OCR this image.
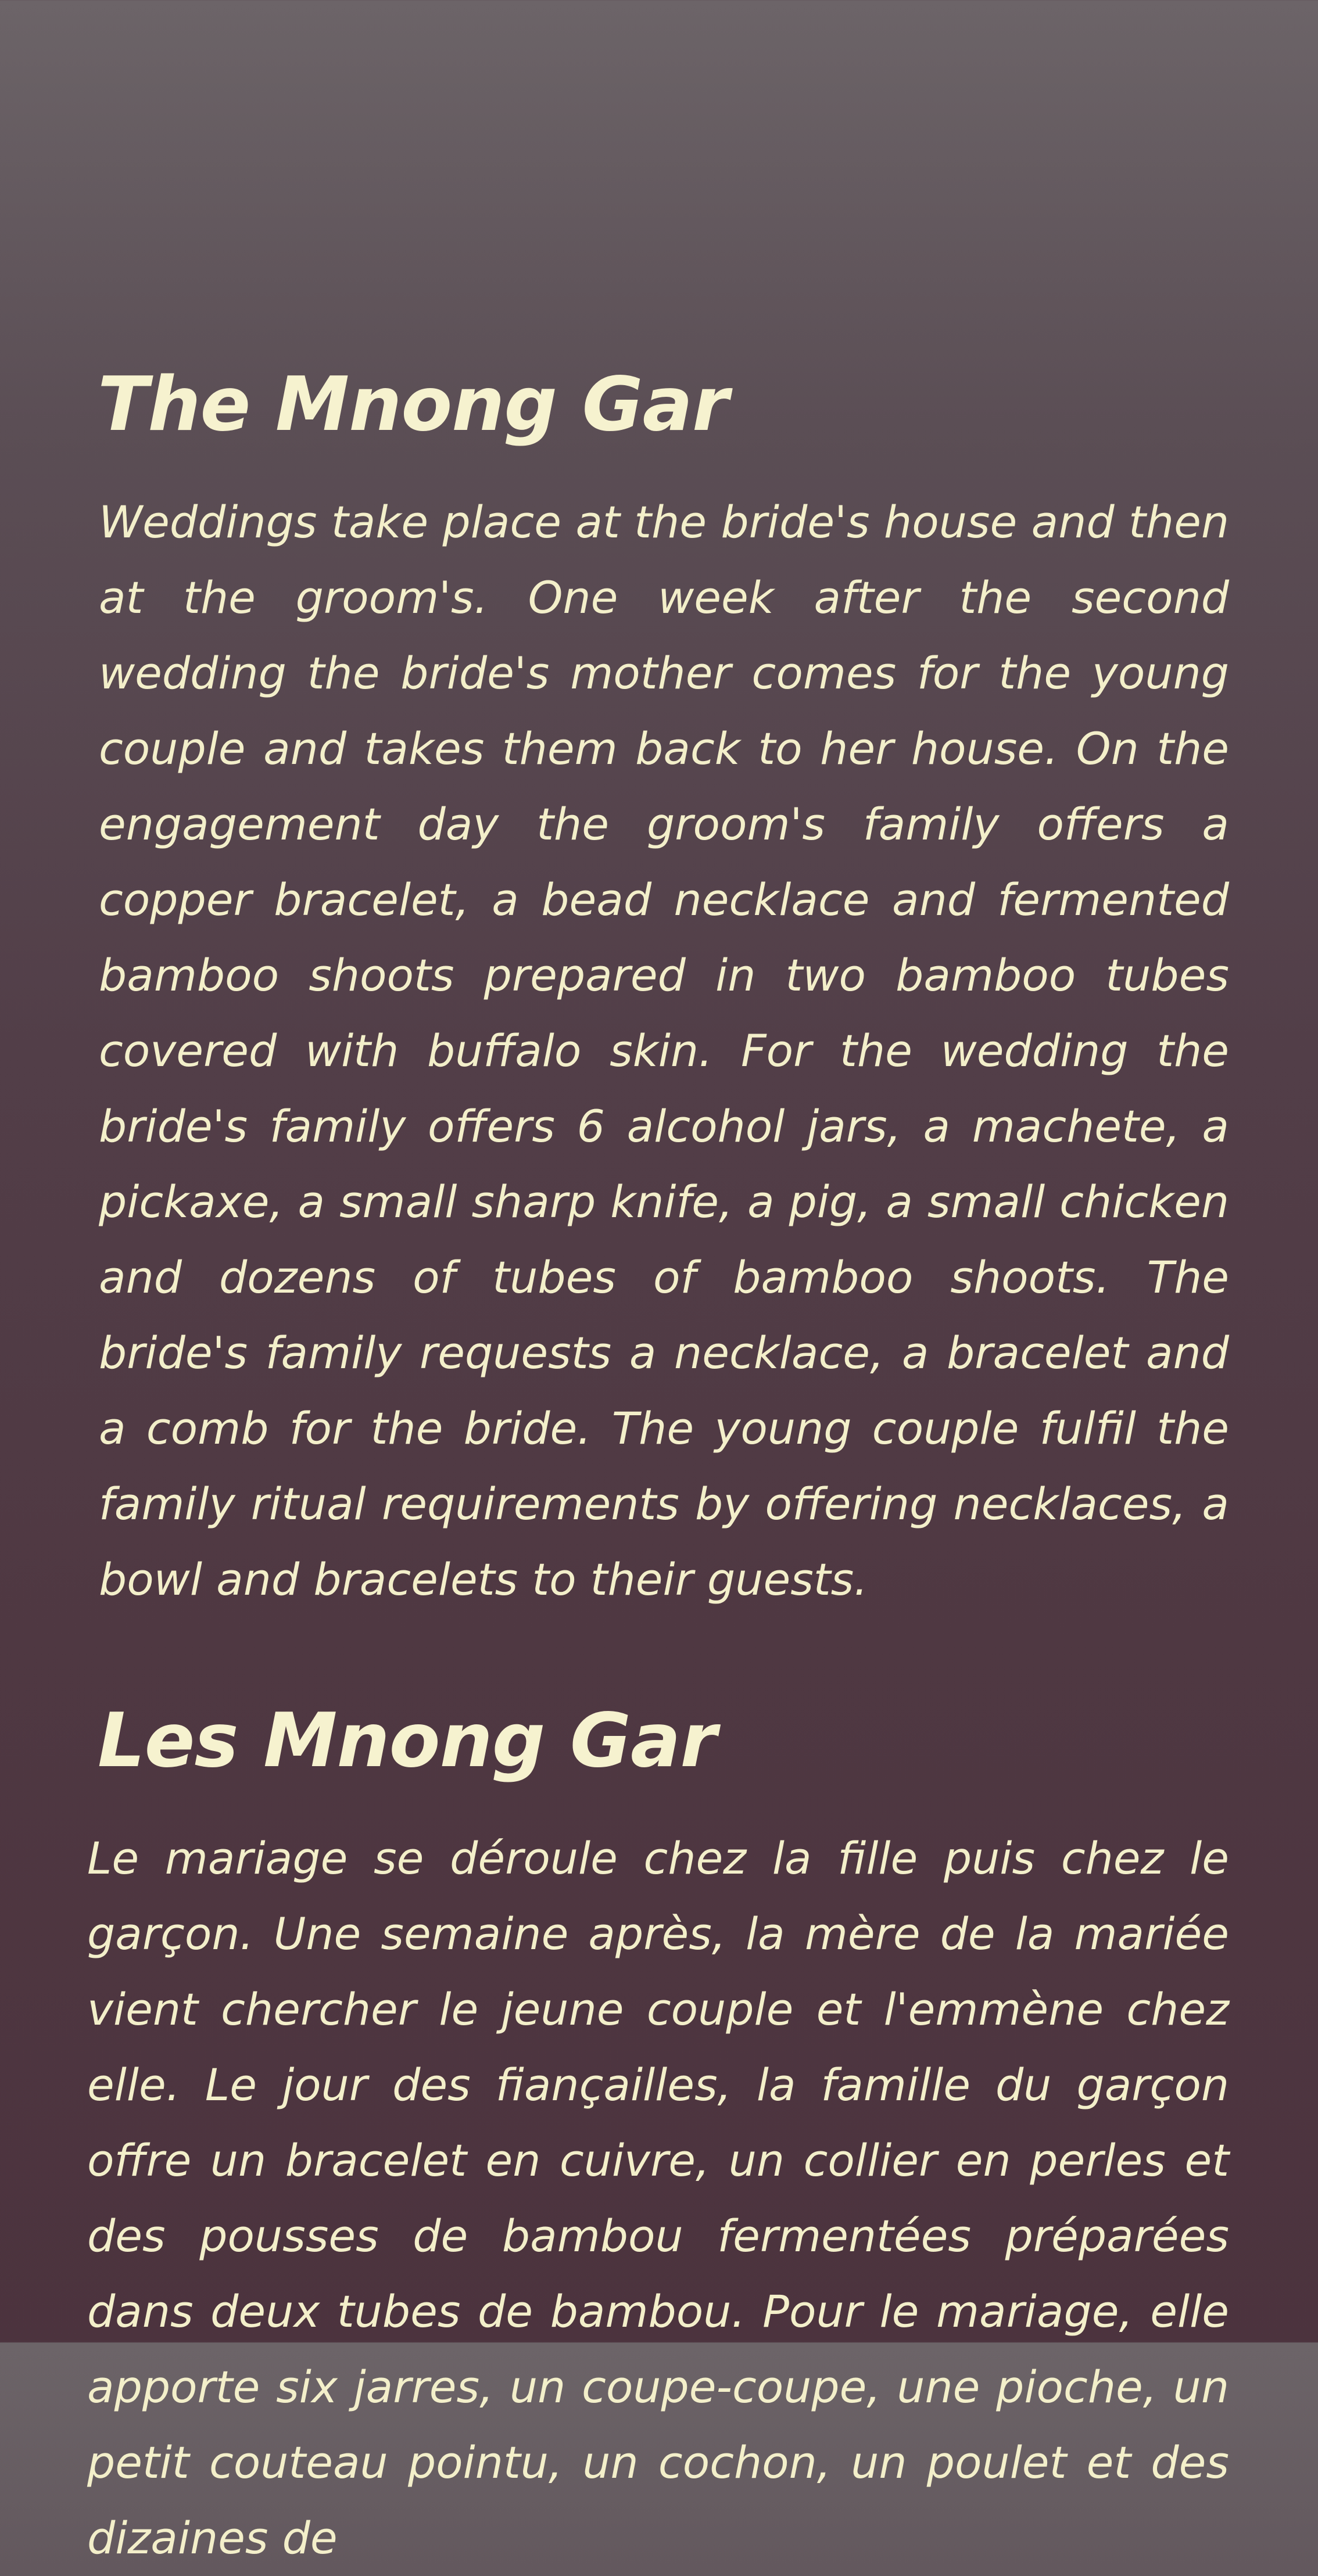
The Mnong Gar

Weddings take place at the bride's house and then at the groom's. One week after the second wedding the bride's mother comes for the young couple and takes them back to her house. On the engagement day the groom's family offers a copper bracelet, a bead necklace and fermented bamboo shoots prepared in two bamboo tubes covered with buffalo skin. For the wedding the bride's family offers 6 alcohol jars, a machete, a pickaxe, a small sharp knife, a pig, a small chicken and dozens of tubes of bamboo shoots. The bride's family requests a necklace, a bracelet and a comb for the bride. The young couple fulfil the family ritual requirements by offering necklaces, a bowl and bracelets to their guests.

Les Mnong Gar

Le mariage se déroule chez la fille puis chez le garçon. Une semaine après, la mère de la mariée vient chercher le jeune couple et l'emmène chez elle. Le jour des fiançailles, la famille du garçon offre un bracelet en cuivre, un collier en perles et des pousses de bambou fermentées préparées dans deux tubes de bambou. Pour le mariage, elle apporte six jarres, un coupe-coupe, une pioche, un petit couteau pointu, un cochon, un poulet et des dizaines de
